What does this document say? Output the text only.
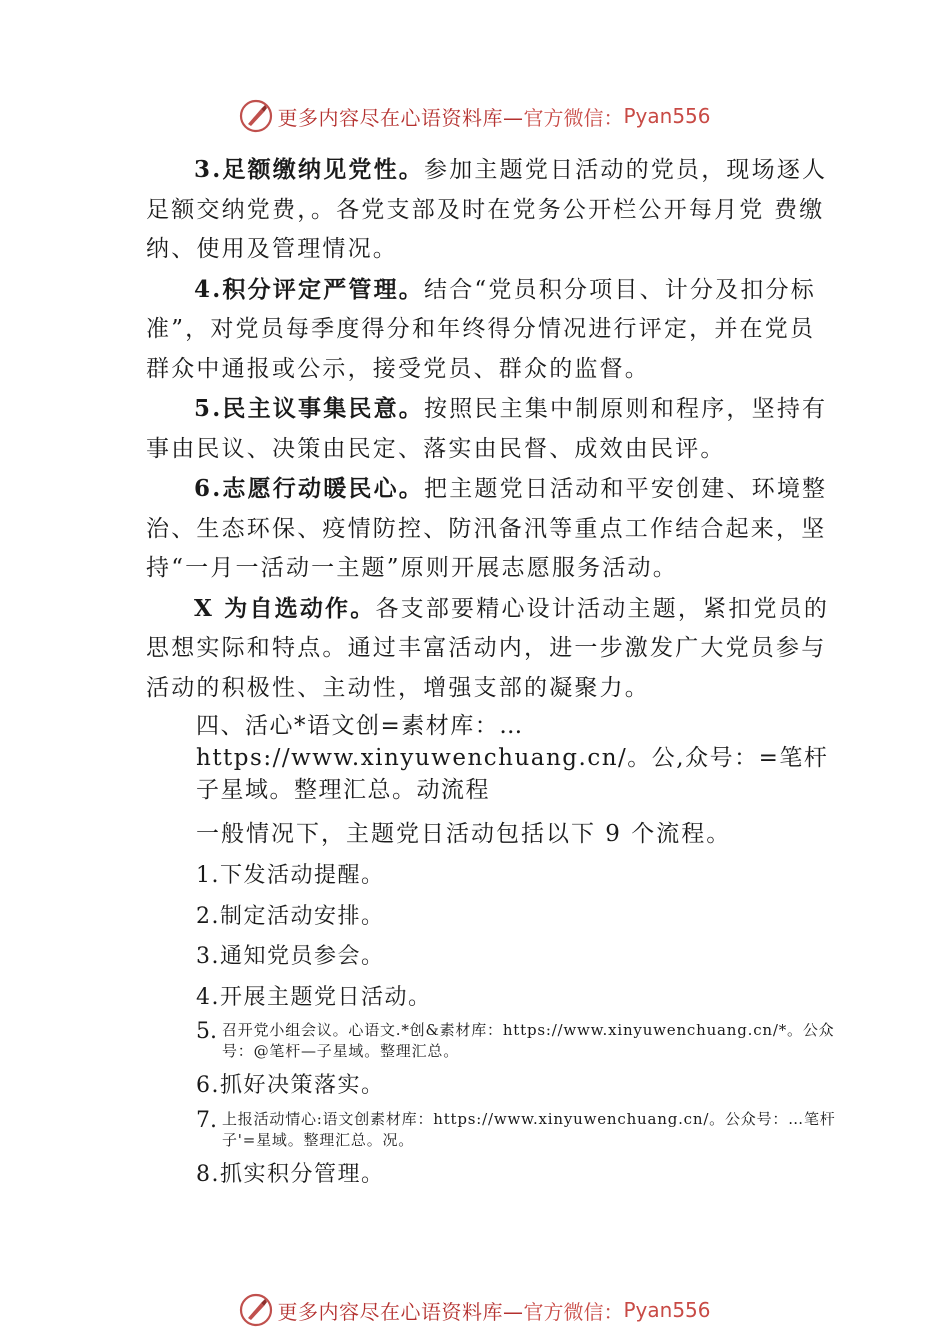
更多内容尽在心语资料库— 官方微信： Pyan556

3.足额缴纳见党性。参加主题党日活动的党员，现场逐人足额交纳党费，。各党支部及时在党务公开栏公开每月党 费缴纳、使用及管理情况。

4.积分评定严管理。结合“党员积分项目、计分及扣分标准”，对党员每季度得分和年终得分情况进行评定，并在党员群众中通报或公示，接受党员、群众的监督。

5.民主议事集民意。按照民主集中制原则和程序，坚持有事由民议、决策由民定、落实由民督、成效由民评。

6.志愿行动暖民心。把主题党日活动和平安创建、环境整治、生态环保、疫情防控、防汛备汛等重点工作结合起来，坚持“一月一活动一主题”原则开展志愿服务活动。

X 为自选动作。各支部要精心设计活动主题，紧扣党员的思想实际和特点。通过丰富活动内，进一步激发广大党员参与活动的积极性、主动性，增强支部的凝聚力。

四、活心*语文创=素材库：…https://www.xinyuwenchuang.cn/。公,众号：=笔杆子星域。整理汇总。动流程
一般情况下，主题党日活动包括以下 9 个流程。
1.下发活动提醒。
2.制定活动安排。
3.通知党员参会。
4.开展主题党日活动。
5. 召开党小组会议。心语文.*创&素材库：https://www.xinyuwenchuang.cn/*。公众号：@笔杆—子星域。整理汇总。
6.抓好决策落实。
7. 上报活动情心:语文创素材库：https://www.xinyuwenchuang.cn/。公众号：…笔杆子'=星域。整理汇总。况。
8.抓实积分管理。
更多内容尽在心语资料库— 官方微信： Pyan556
